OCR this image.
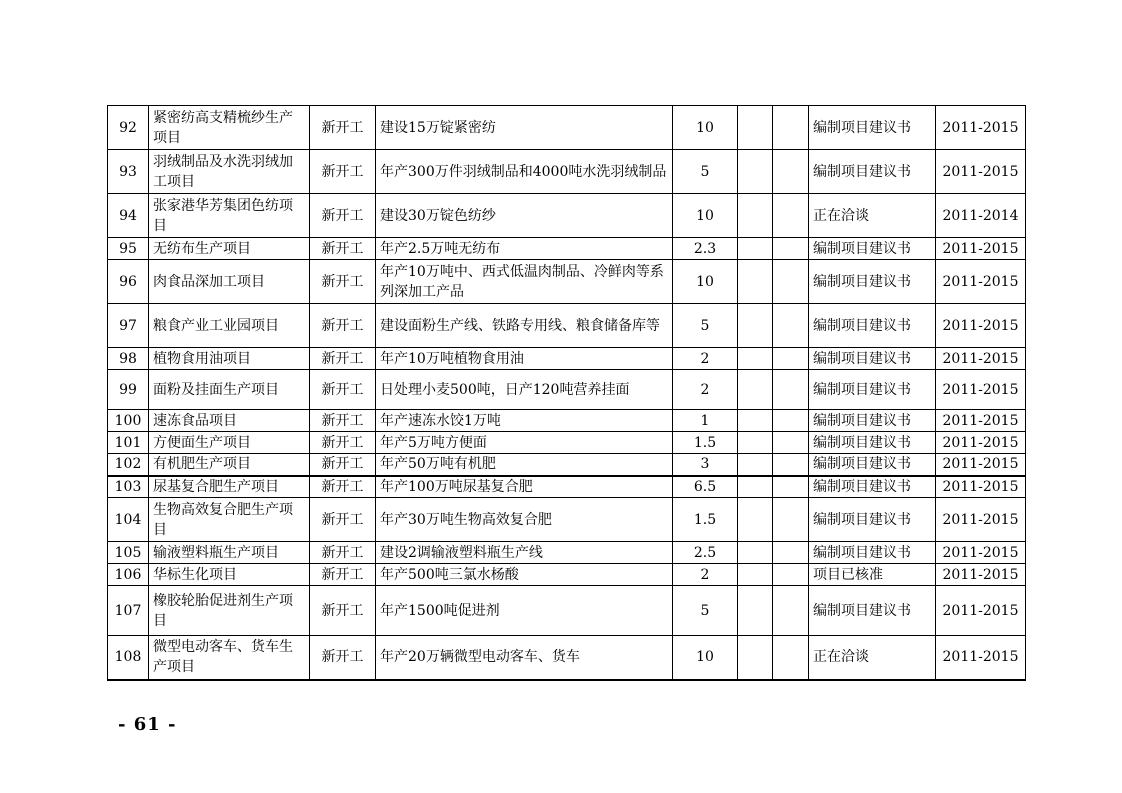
92	紧密纺高支精梳纱生产项目	新开工	建设15万锭紧密纺	10			编制项目建议书	2011-2015
93	羽绒制品及水洗羽绒加工项目	新开工	年产300万件羽绒制品和4000吨水洗羽绒制品	5			编制项目建议书	2011-2015
94	张家港华芳集团色纺项目	新开工	建设30万锭色纺纱	10			正在洽谈	2011-2014
95	无纺布生产项目	新开工	年产2.5万吨无纺布	2.3			编制项目建议书	2011-2015
96	肉食品深加工项目	新开工	年产10万吨中、西式低温肉制品、冷鲜肉等系列深加工产品	10			编制项目建议书	2011-2015
97	粮食产业工业园项目	新开工	建设面粉生产线、铁路专用线、粮食储备库等	5			编制项目建议书	2011-2015
98	植物食用油项目	新开工	年产10万吨植物食用油	2			编制项目建议书	2011-2015
99	面粉及挂面生产项目	新开工	日处理小麦500吨，日产120吨营养挂面	2			编制项目建议书	2011-2015
100	速冻食品项目	新开工	年产速冻水饺1万吨	1			编制项目建议书	2011-2015
101	方便面生产项目	新开工	年产5万吨方便面	1.5			编制项目建议书	2011-2015
102	有机肥生产项目	新开工	年产50万吨有机肥	3			编制项目建议书	2011-2015
103	尿基复合肥生产项目	新开工	年产100万吨尿基复合肥	6.5			编制项目建议书	2011-2015
104	生物高效复合肥生产项目	新开工	年产30万吨生物高效复合肥	1.5			编制项目建议书	2011-2015
105	输液塑料瓶生产项目	新开工	建设2调输液塑料瓶生产线	2.5			编制项目建议书	2011-2015
106	华标生化项目	新开工	年产500吨三氯水杨酸	2			项目已核准	2011-2015
107	橡胶轮胎促进剂生产项目	新开工	年产1500吨促进剂	5			编制项目建议书	2011-2015
108	微型电动客车、货车生产项目	新开工	年产20万辆微型电动客车、货车	10			正在洽谈	2011-2015
- 61 -
